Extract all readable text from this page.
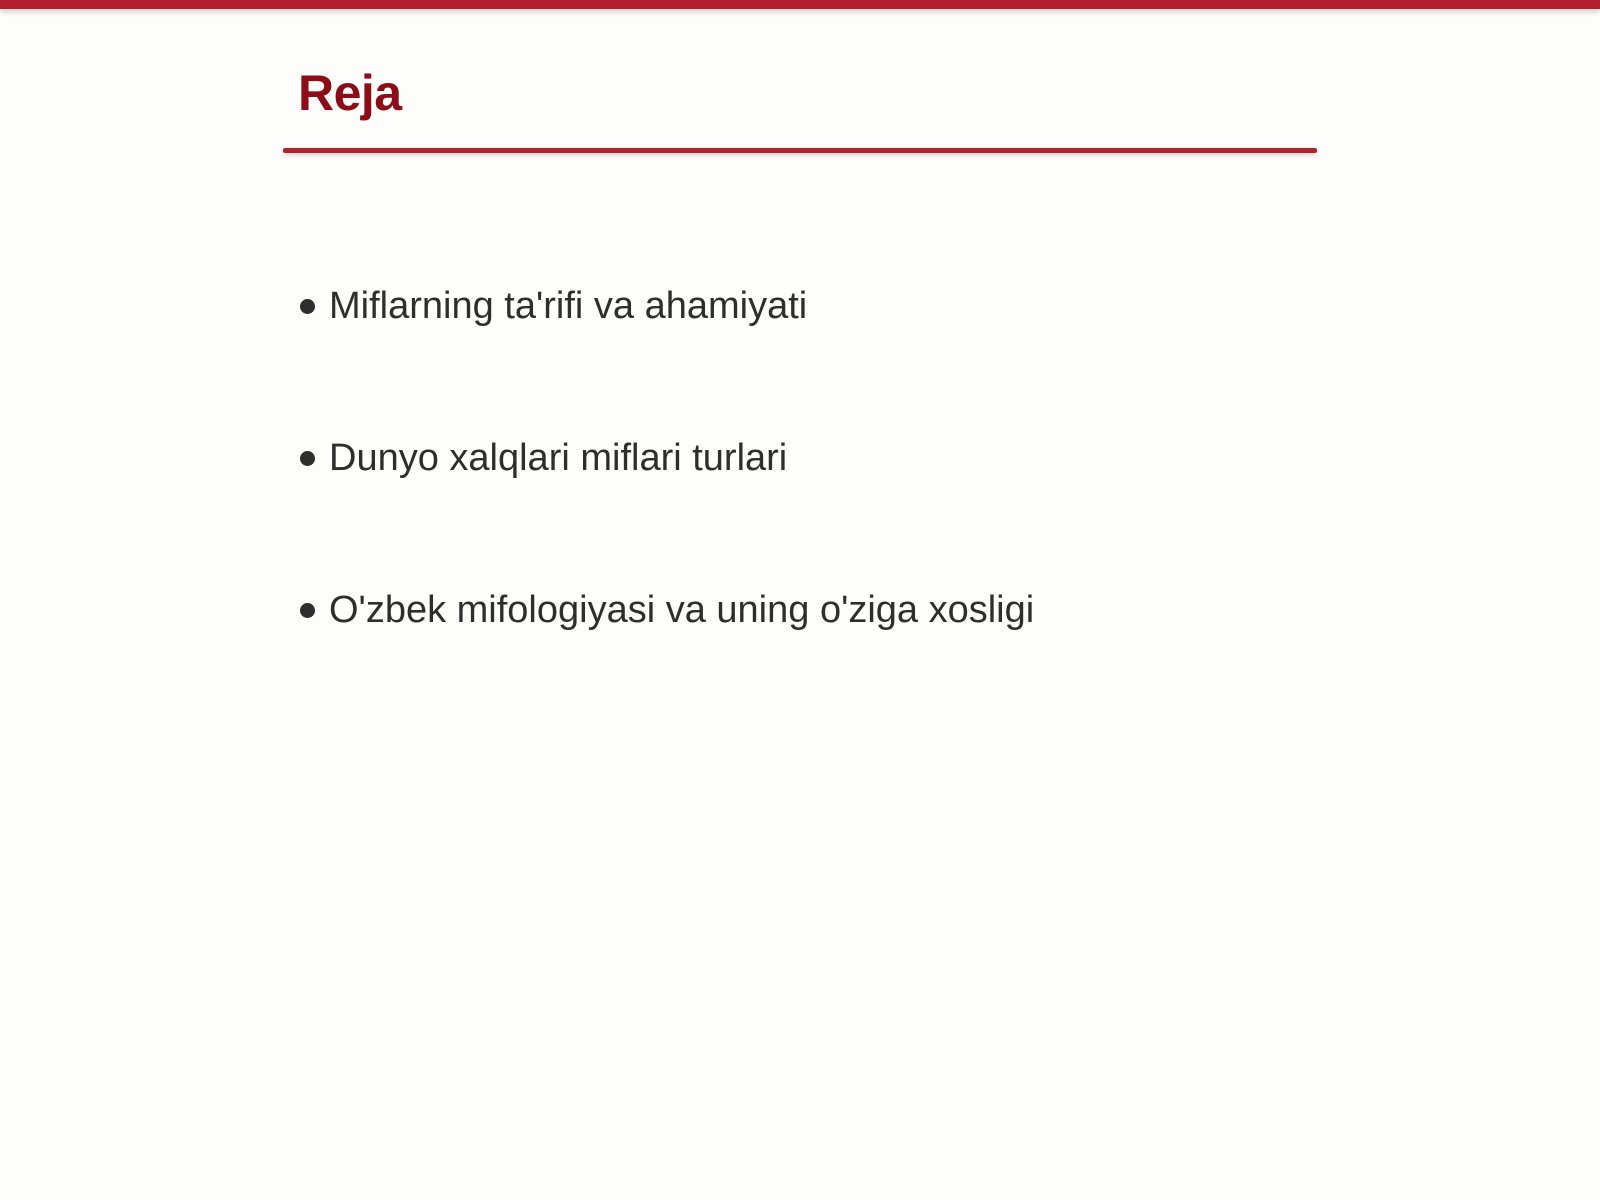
Reja
Miflarning ta'rifi va ahamiyati
Dunyo xalqlari miflari turlari
O'zbek mifologiyasi va uning o'ziga xosligi
